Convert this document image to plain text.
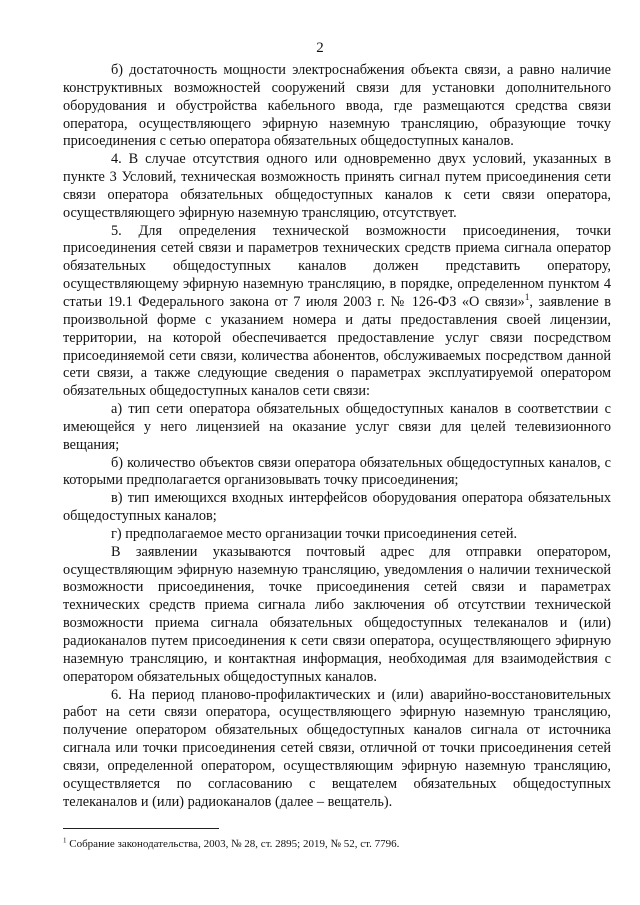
2

б) достаточность мощности электроснабжения объекта связи, а равно наличие конструктивных возможностей сооружений связи для установки дополнительного оборудования и обустройства кабельного ввода, где размещаются средства связи оператора, осуществляющего эфирную наземную трансляцию, образующие точку присоединения с сетью оператора обязательных общедоступных каналов.

4. В случае отсутствия одного или одновременно двух условий, указанных в пункте 3 Условий, техническая возможность принять сигнал путем присоединения сети связи оператора обязательных общедоступных каналов к сети связи оператора, осуществляющего эфирную наземную трансляцию, отсутствует.

5. Для определения технической возможности присоединения, точки присоединения сетей связи и параметров технических средств приема сигнала оператор обязательных общедоступных каналов должен представить оператору, осуществляющему эфирную наземную трансляцию, в порядке, определенном пунктом 4 статьи 19.1 Федерального закона от 7 июля 2003 г. № 126-ФЗ «О связи»$^1$, заявление в произвольной форме с указанием номера и даты предоставления своей лицензии, территории, на которой обеспечивается предоставление услуг связи посредством присоединяемой сети связи, количества абонентов, обслуживаемых посредством данной сети связи, а также следующие сведения о параметрах эксплуатируемой оператором обязательных общедоступных каналов сети связи:

а) тип сети оператора обязательных общедоступных каналов в соответствии с имеющейся у него лицензией на оказание услуг связи для целей телевизионного вещания;

б) количество объектов связи оператора обязательных общедоступных каналов, с которыми предполагается организовывать точку присоединения;

в) тип имеющихся входных интерфейсов оборудования оператора обязательных общедоступных каналов;

г) предполагаемое место организации точки присоединения сетей.

В заявлении указываются почтовый адрес для отправки оператором, осуществляющим эфирную наземную трансляцию, уведомления о наличии технической возможности присоединения, точке присоединения сетей связи и параметрах технических средств приема сигнала либо заключения об отсутствии технической возможности приема сигнала обязательных общедоступных телеканалов и (или) радиоканалов путем присоединения к сети связи оператора, осуществляющего эфирную наземную трансляцию, и контактная информация, необходимая для взаимодействия с оператором обязательных общедоступных каналов.

6. На период планово-профилактических и (или) аварийно-восстановительных работ на сети связи оператора, осуществляющего эфирную наземную трансляцию, получение оператором обязательных общедоступных каналов сигнала от источника сигнала или точки присоединения сетей связи, отличной от точки присоединения сетей связи, определенной оператором, осуществляющим эфирную наземную трансляцию, осуществляется по согласованию с вещателем обязательных общедоступных телеканалов и (или) радиоканалов (далее – вещатель).

$^1$ Собрание законодательства, 2003, № 28, ст. 2895; 2019, № 52, ст. 7796.
